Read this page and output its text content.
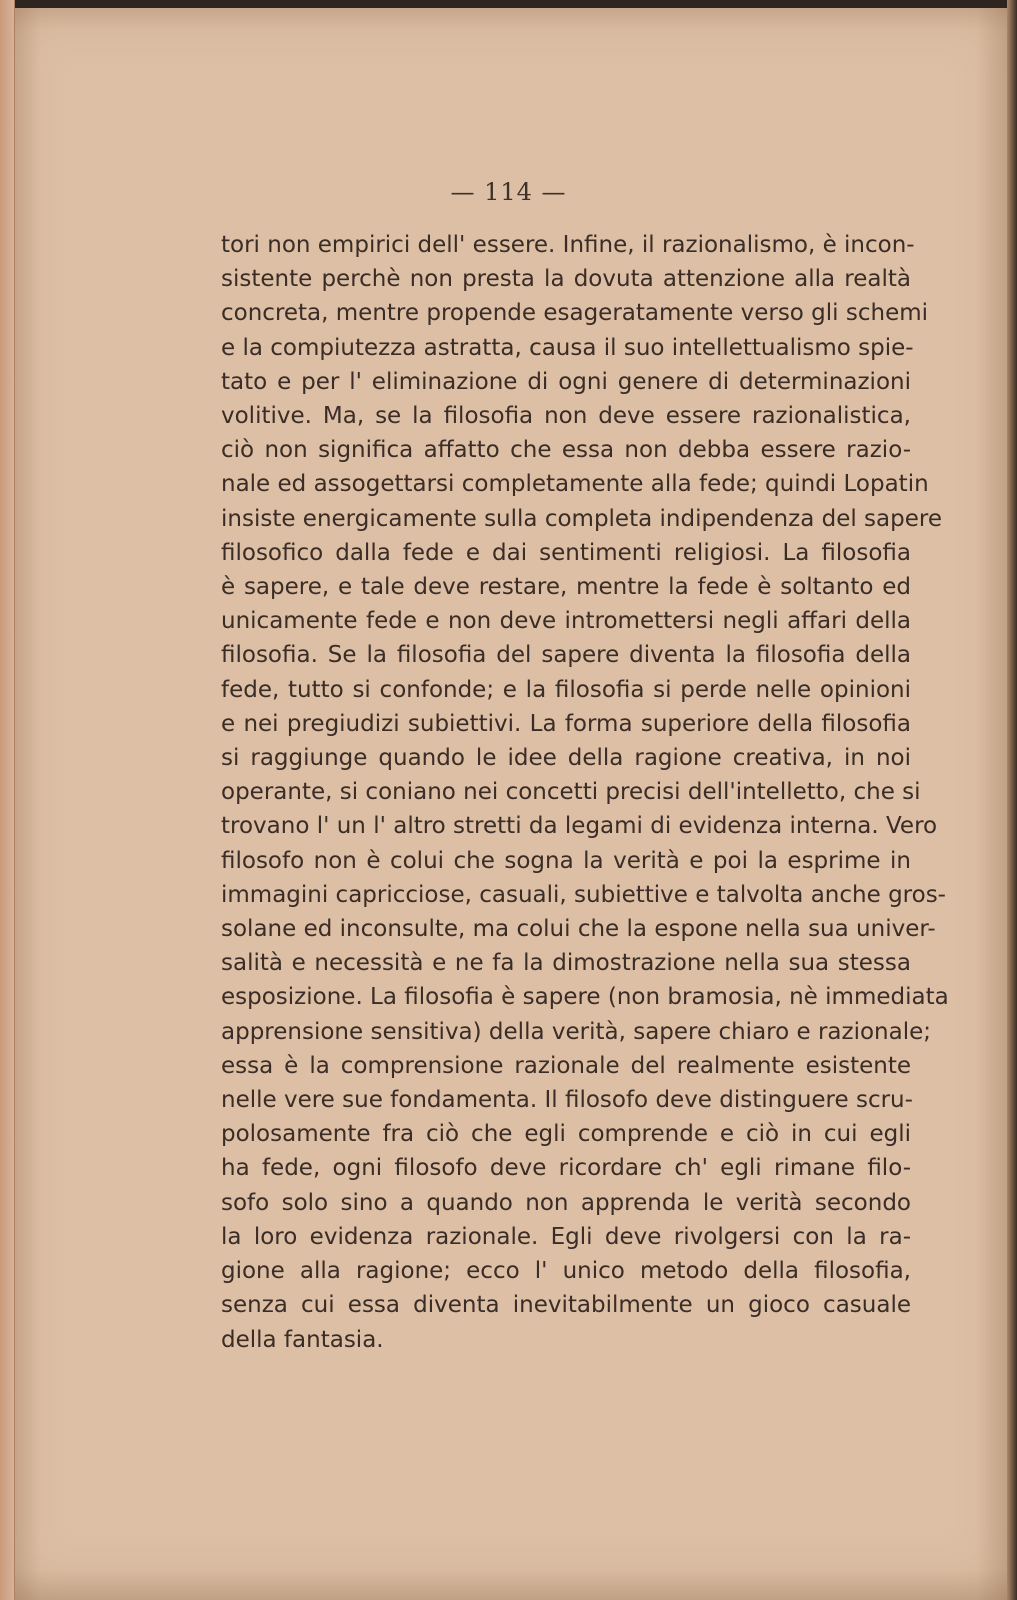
— 114 —
tori non empirici dell' essere. Infine, il razionalismo, è incon-
sistente perchè non presta la dovuta attenzione alla realtà
concreta, mentre propende esageratamente verso gli schemi
e la compiutezza astratta, causa il suo intellettualismo spie-
tato e per l' eliminazione di ogni genere di determinazioni
volitive. Ma, se la filosofia non deve essere razionalistica,
ciò non significa affatto che essa non debba essere razio-
nale ed assogettarsi completamente alla fede; quindi Lopatin
insiste energicamente sulla completa indipendenza del sapere
filosofico dalla fede e dai sentimenti religiosi. La filosofia
è sapere, e tale deve restare, mentre la fede è soltanto ed
unicamente fede e non deve intromettersi negli affari della
filosofia. Se la filosofia del sapere diventa la filosofia della
fede, tutto si confonde; e la filosofia si perde nelle opinioni
e nei pregiudizi subiettivi. La forma superiore della filosofia
si raggiunge quando le idee della ragione creativa, in noi
operante, si coniano nei concetti precisi dell'intelletto, che si
trovano l' un l' altro stretti da legami di evidenza interna. Vero
filosofo non è colui che sogna la verità e poi la esprime in
immagini capricciose, casuali, subiettive e talvolta anche gros-
solane ed inconsulte, ma colui che la espone nella sua univer-
salità e necessità e ne fa la dimostrazione nella sua stessa
esposizione. La filosofia è sapere (non bramosia, nè immediata
apprensione sensitiva) della verità, sapere chiaro e razionale;
essa è la comprensione razionale del realmente esistente
nelle vere sue fondamenta. Il filosofo deve distinguere scru-
polosamente fra ciò che egli comprende e ciò in cui egli
ha fede, ogni filosofo deve ricordare ch' egli rimane filo-
sofo solo sino a quando non apprenda le verità secondo
la loro evidenza razionale. Egli deve rivolgersi con la ra-
gione alla ragione; ecco l' unico metodo della filosofia,
senza cui essa diventa inevitabilmente un gioco casuale
della fantasia.
